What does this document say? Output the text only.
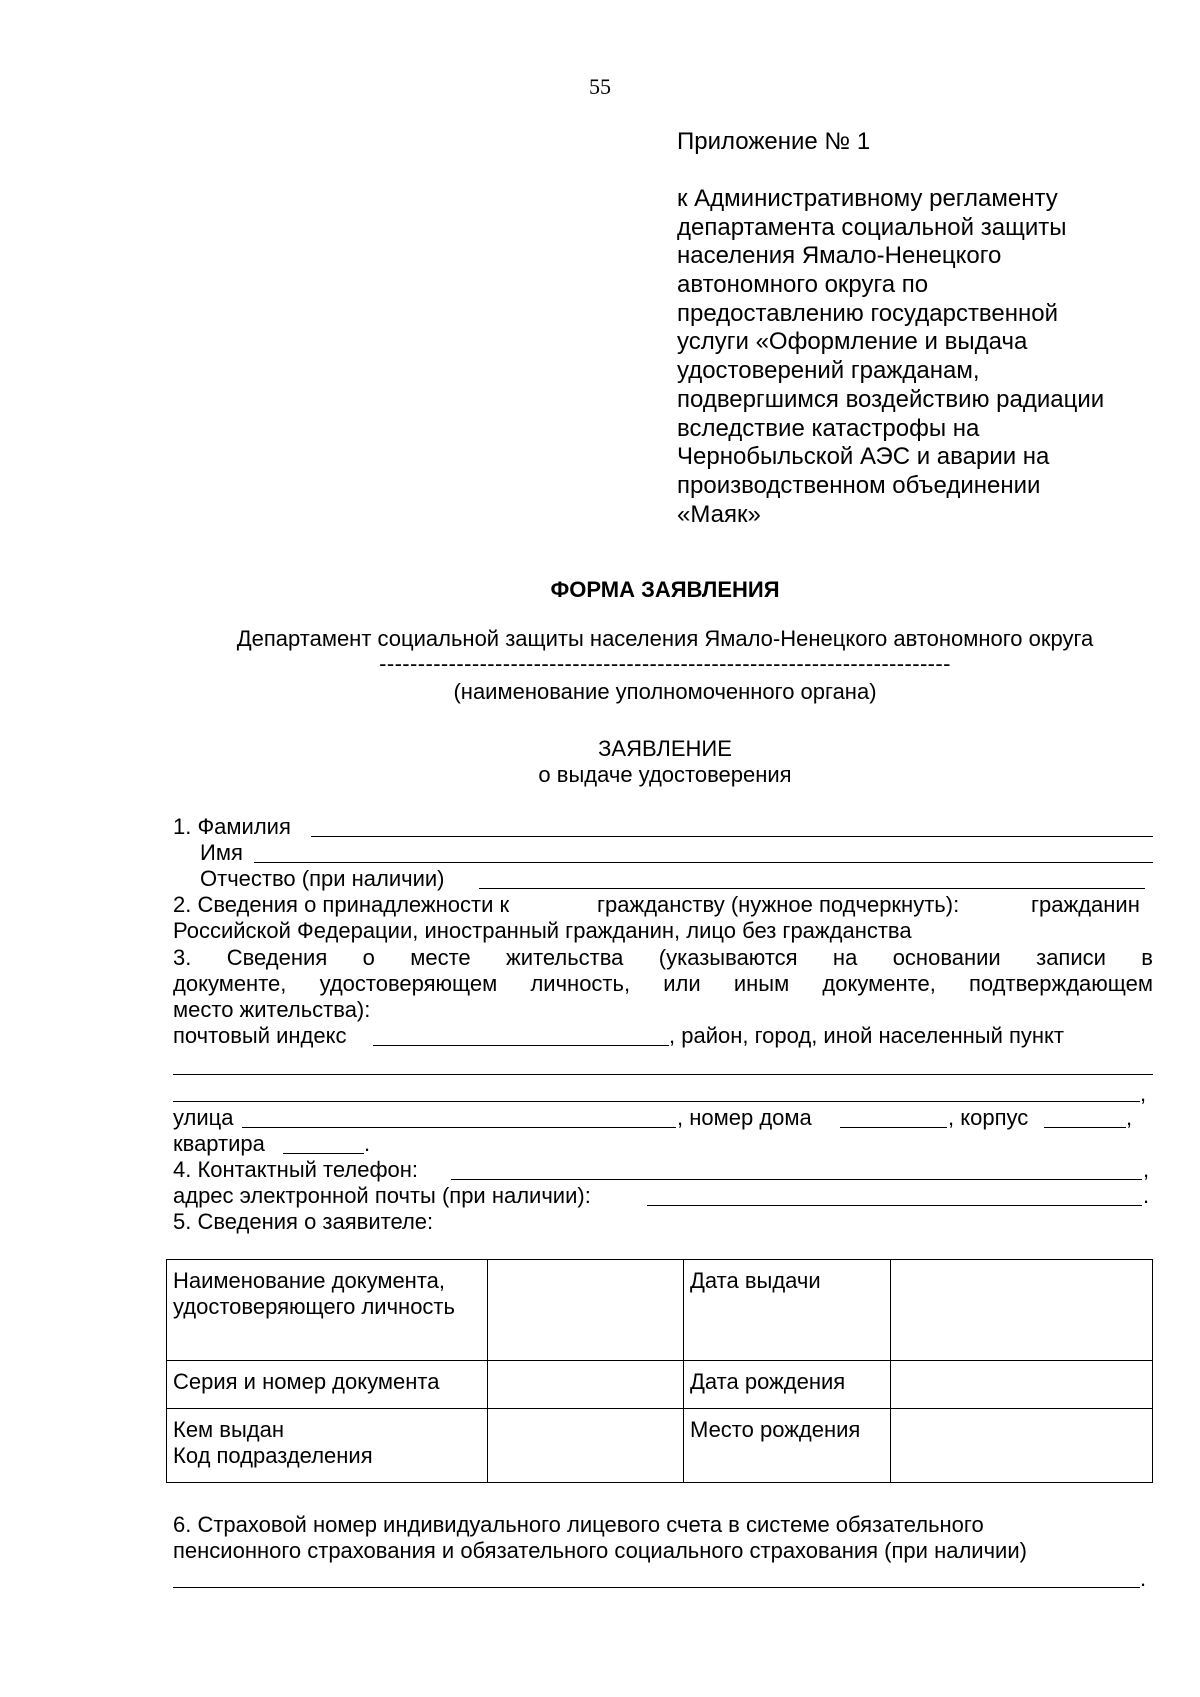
55
Приложение № 1
к Административному регламенту
департамента социальной защиты
населения Ямало-Ненецкого
автономного округа по
предоставлению государственной
услуги «Оформление и выдача
удостоверений гражданам,
подвергшимся воздействию радиации
вследствие катастрофы на
Чернобыльской АЭС и аварии на
производственном объединении
«Маяк»
ФОРМА ЗАЯВЛЕНИЯ
Департамент социальной защиты населения Ямало-Ненецкого автономного округа
--------------------------------------------------------------------------
(наименование уполномоченного органа)
ЗАЯВЛЕНИЕ
о выдаче удостоверения
1. Фамилия
Имя
Отчество (при наличии)
2. Сведения о принадлежности к	гражданству (нужное подчеркнуть):	гражданин
Российской Федерации, иностранный гражданин, лицо без гражданства
3. Сведения о месте жительства (указываются на основании записи в
документе, удостоверяющем личность, или иным документе, подтверждающем
место жительства):
почтовый индекс	, район, город, иной населенный пункт
,
улица	, номер дома	, корпус	,
квартира	.
4. Контактный телефон:	,
адрес электронной почты (при наличии):	.
5. Сведения о заявителе:
Наименование документа, удостоверяющего личность		Дата выдачи	
Серия и номер документа		Дата рождения	

Кем выдан
Код подразделения		Место рождения	
6. Страховой номер индивидуального лицевого счета в системе обязательного
пенсионного страхования и обязательного социального страхования (при наличии)
.
